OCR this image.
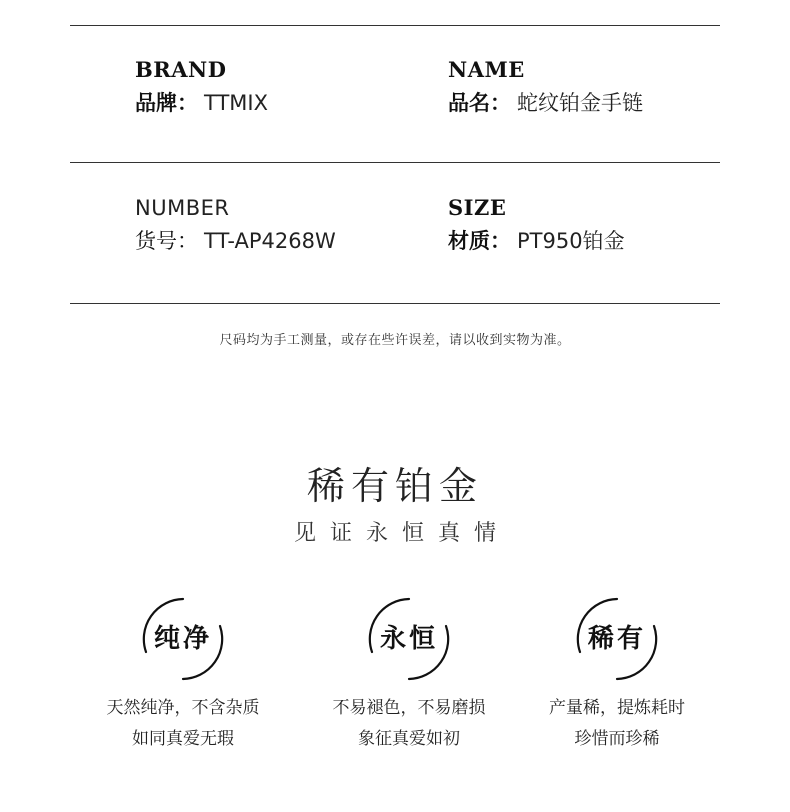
BRAND
品牌： TTMIX
NAME
品名： 蛇纹铂金手链
NUMBER
货号： TT-AP4268W
SIZE
材质： PT950铂金
尺码均为手工测量，或存在些许误差，请以收到实物为准。
稀有铂金
见证永恒真情
纯净
天然纯净，不含杂质
如同真爱无瑕
永恒
不易褪色，不易磨损
象征真爱如初
稀有
产量稀，提炼耗时
珍惜而珍稀
